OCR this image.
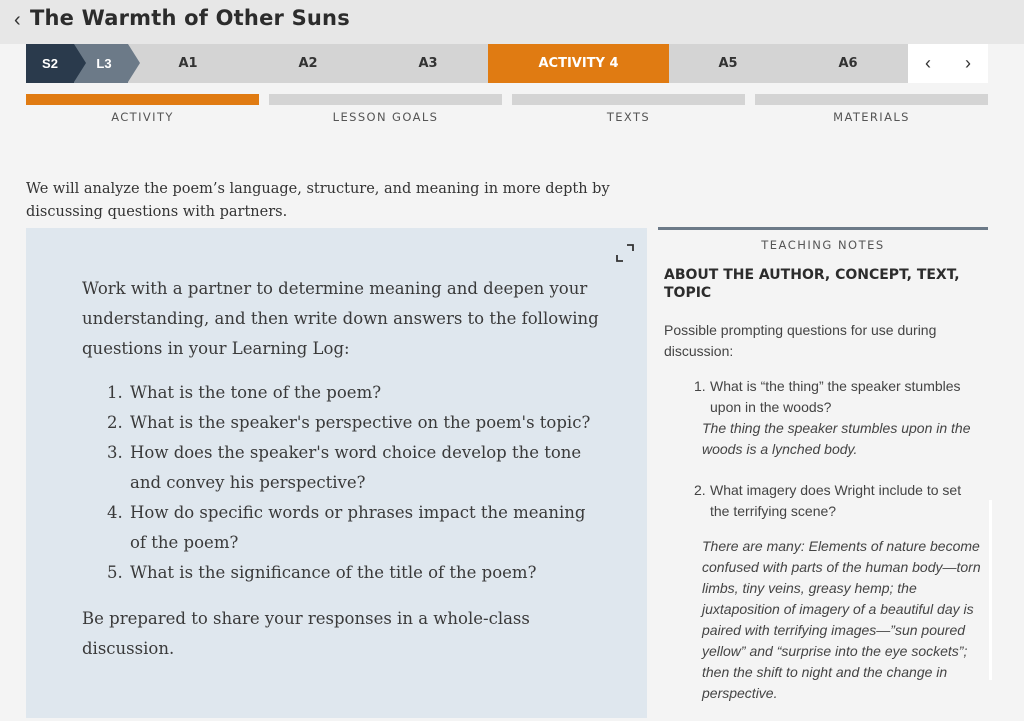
‹ The Warmth of Other Suns
S2	L3	A1	A2	A3	ACTIVITY 4	A5	A6	‹	›
ACTIVITY	LESSON GOALS	TEXTS	MATERIALS
We will analyze the poem’s language, structure, and meaning in more depth by discussing questions with partners.

Work with a partner to determine meaning and deepen your understanding, and then write down answers to the following questions in your Learning Log:

1. What is the tone of the poem?
2. What is the speaker's perspective on the poem's topic?
3. How does the speaker's word choice develop the tone and convey his perspective?
4. How do specific words or phrases impact the meaning of the poem?
5. What is the significance of the title of the poem?

Be prepared to share your responses in a whole-class discussion.

TEACHING NOTES
ABOUT THE AUTHOR, CONCEPT, TEXT, TOPIC
Possible prompting questions for use during discussion:
1. What is “the thing” the speaker stumbles upon in the woods?
The thing the speaker stumbles upon in the woods is a lynched body.
2. What imagery does Wright include to set the terrifying scene?
There are many: Elements of nature become confused with parts of the human body—torn limbs, tiny veins, greasy hemp; the juxtaposition of imagery of a beautiful day is paired with terrifying images—”sun poured yellow” and “surprise into the eye sockets”; then the shift to night and the change in perspective.
